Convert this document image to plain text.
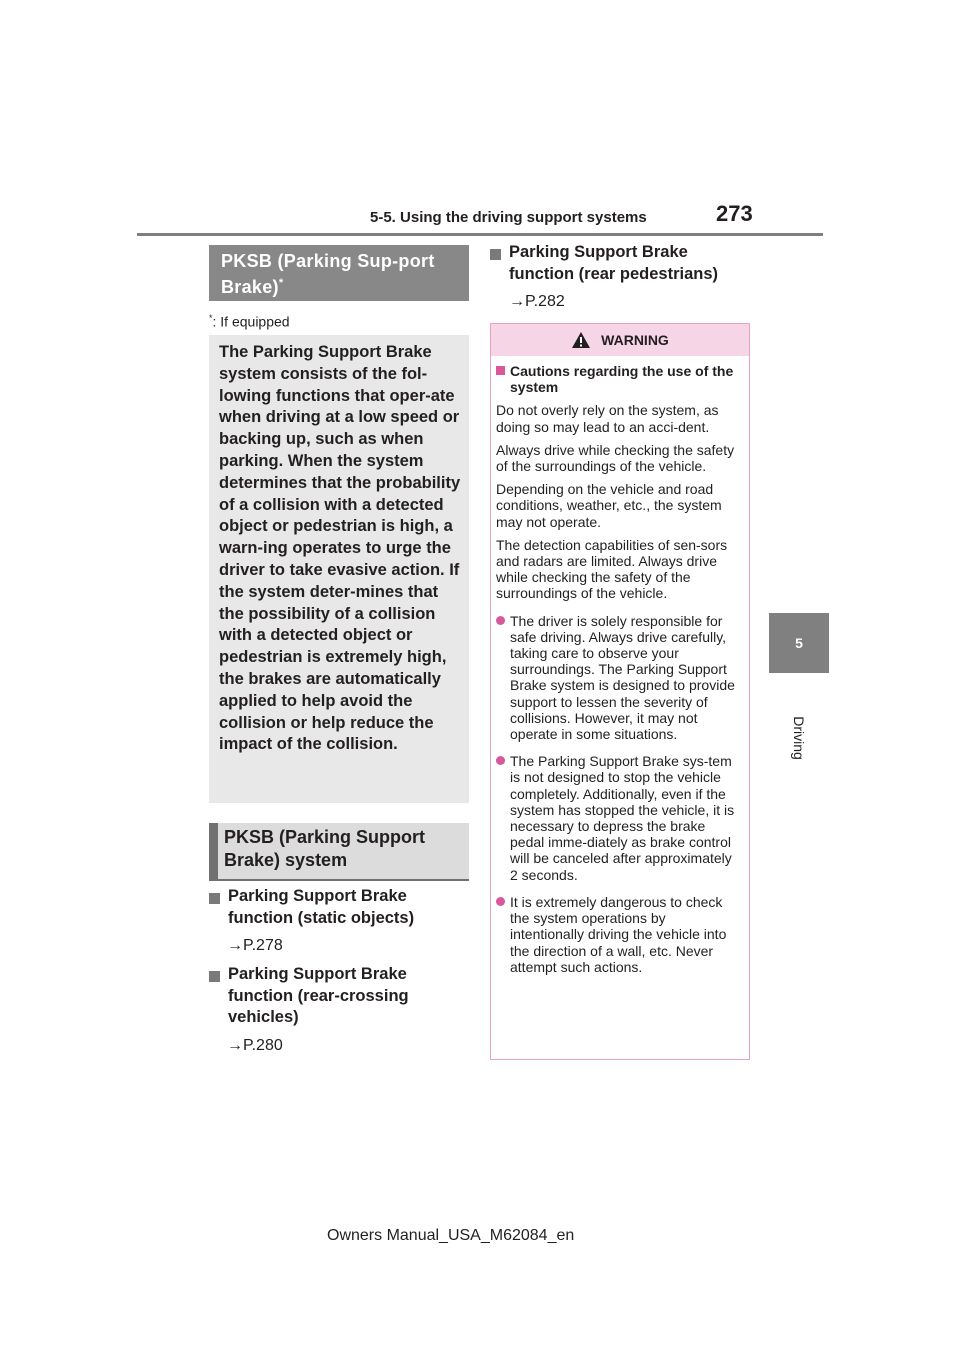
5-5. Using the driving support systems	273
5
Driving
PKSB (Parking Sup-port Brake)*
*: If equipped

The Parking Support Brake system consists of the fol-lowing functions that oper-ate when driving at a low speed or backing up, such as when parking. When the system determines that the probability of a collision with a detected object or pedestrian is high, a warn-ing operates to urge the driver to take evasive action. If the system deter-mines that the possibility of a collision with a detected object or pedestrian is extremely high, the brakes are automatically applied to help avoid the collision or help reduce the impact of the collision.

PKSB (Parking Support Brake) system
Parking Support Brake function (static objects)
→P.278
Parking Support Brake function (rear-crossing vehicles)
→P.280
Parking Support Brake function (rear pedestrians)
→P.282
WARNING
Cautions regarding the use of the system

Do not overly rely on the system, as doing so may lead to an acci-dent.

Always drive while checking the safety of the surroundings of the vehicle.

Depending on the vehicle and road conditions, weather, etc., the system may not operate.

The detection capabilities of sen-sors and radars are limited. Always drive while checking the safety of the surroundings of the vehicle.

The driver is solely responsible for safe driving. Always drive carefully, taking care to observe your surroundings. The Parking Support Brake system is designed to provide support to lessen the severity of collisions. However, it may not operate in some situations.
The Parking Support Brake sys-tem is not designed to stop the vehicle completely. Additionally, even if the system has stopped the vehicle, it is necessary to depress the brake pedal imme-diately as brake control will be canceled after approximately 2 seconds.
It is extremely dangerous to check the system operations by intentionally driving the vehicle into the direction of a wall, etc. Never attempt such actions.
Owners Manual_USA_M62084_en
